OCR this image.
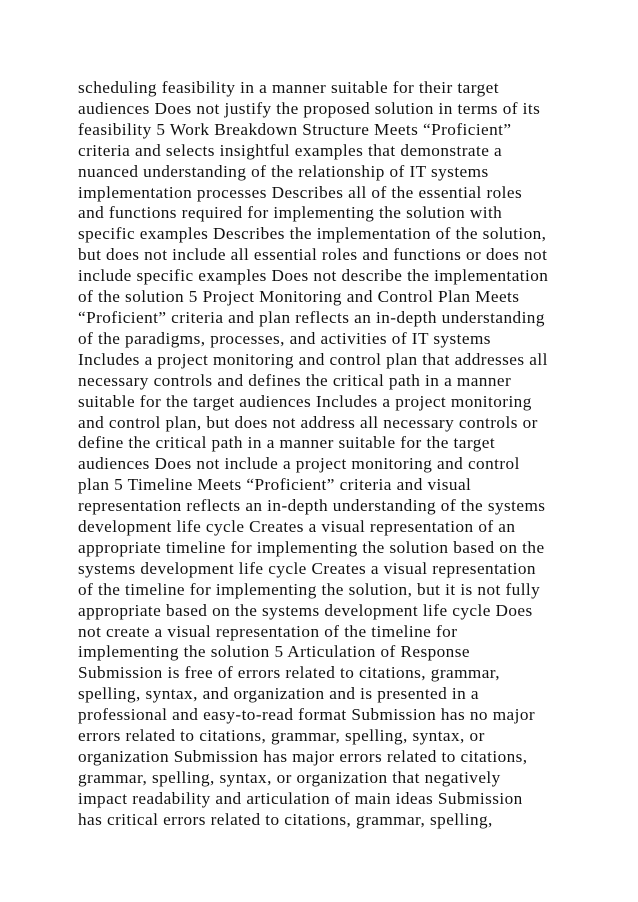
scheduling feasibility in a manner suitable for their target
audiences Does not justify the proposed solution in terms of its
feasibility 5 Work Breakdown Structure Meets “Proficient”
criteria and selects insightful examples that demonstrate a
nuanced understanding of the relationship of IT systems
implementation processes Describes all of the essential roles
and functions required for implementing the solution with
specific examples Describes the implementation of the solution,
but does not include all essential roles and functions or does not
include specific examples Does not describe the implementation
of the solution 5 Project Monitoring and Control Plan Meets
“Proficient” criteria and plan reflects an in-depth understanding
of the paradigms, processes, and activities of IT systems
Includes a project monitoring and control plan that addresses all
necessary controls and defines the critical path in a manner
suitable for the target audiences Includes a project monitoring
and control plan, but does not address all necessary controls or
define the critical path in a manner suitable for the target
audiences Does not include a project monitoring and control
plan 5 Timeline Meets “Proficient” criteria and visual
representation reflects an in-depth understanding of the systems
development life cycle Creates a visual representation of an
appropriate timeline for implementing the solution based on the
systems development life cycle Creates a visual representation
of the timeline for implementing the solution, but it is not fully
appropriate based on the systems development life cycle Does
not create a visual representation of the timeline for
implementing the solution 5 Articulation of Response
Submission is free of errors related to citations, grammar,
spelling, syntax, and organization and is presented in a
professional and easy-to-read format Submission has no major
errors related to citations, grammar, spelling, syntax, or
organization Submission has major errors related to citations,
grammar, spelling, syntax, or organization that negatively
impact readability and articulation of main ideas Submission
has critical errors related to citations, grammar, spelling,
